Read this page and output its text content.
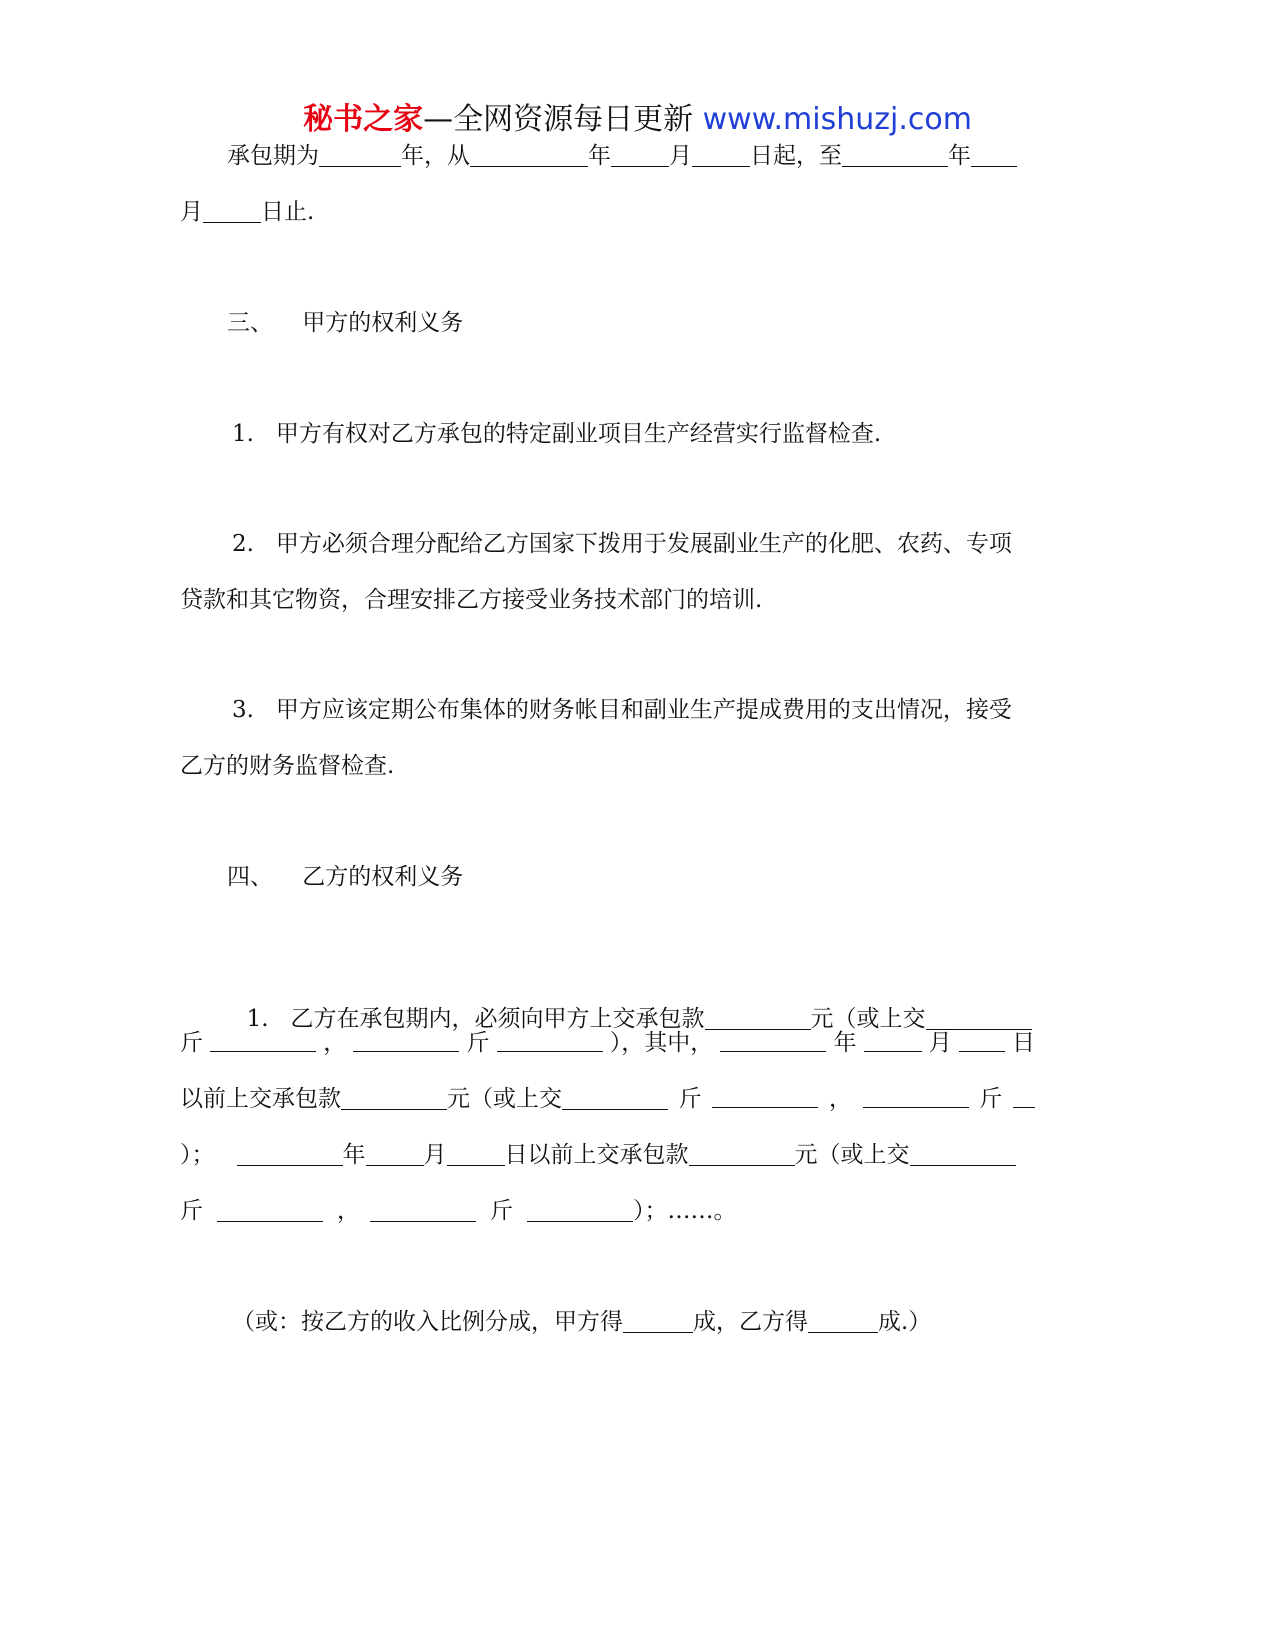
秘书之家—全网资源每日更新 www.mishuzj.com
承包期为	年，从	年	月	日起，至	年
月	日止.
三、    甲方的权利义务
1.   甲方有权对乙方承包的特定副业项目生产经营实行监督检查.
2.   甲方必须合理分配给乙方国家下拨用于发展副业生产的化肥、农药、专项
贷款和其它物资，合理安排乙方接受业务技术部门的培训.
3.   甲方应该定期公布集体的财务帐目和副业生产提成费用的支出情况，接受
乙方的财务监督检查.
四、    乙方的权利义务

1.   乙方在承包期内，必须向甲方上交承包款	元（或上交

斤	，	斤	），其中，	年	月	日
以前上交承包款	元（或上交	斤	，	斤
）；	年	月	日以前上交承包款	元（或上交
斤	，	斤	）；……。
（或：按乙方的收入比例分成，甲方得	成，乙方得	成.）
